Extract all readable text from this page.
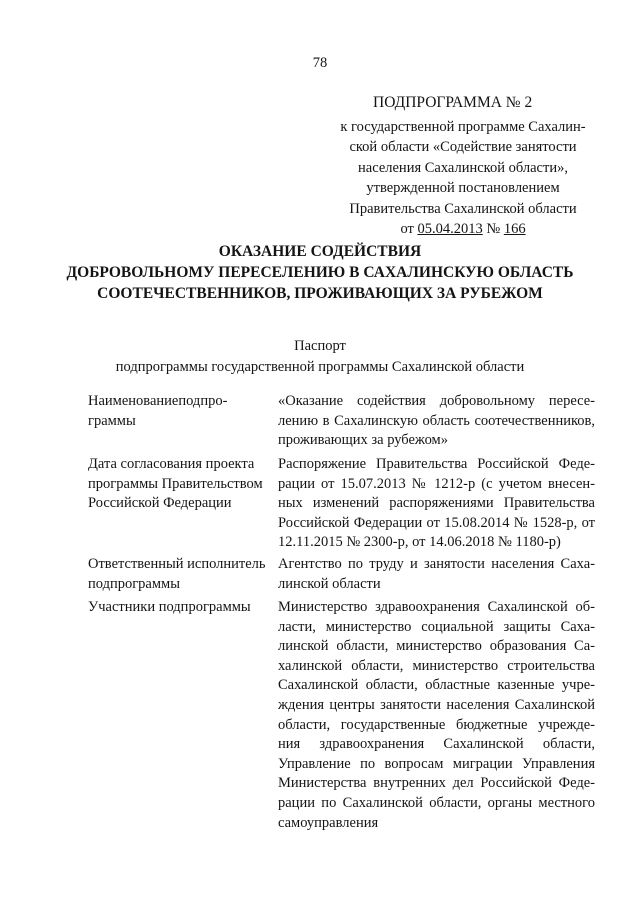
78
ПОДПРОГРАММА № 2
к государственной программе Сахалин-
ской области «Содействие занятости
населения Сахалинской области»,
утвержденной постановлением
Правительства Сахалинской области
от 05.04.2013 № 166
ОКАЗАНИЕ СОДЕЙСТВИЯ
ДОБРОВОЛЬНОМУ ПЕРЕСЕЛЕНИЮ В САХАЛИНСКУЮ ОБЛАСТЬ
СООТЕЧЕСТВЕННИКОВ, ПРОЖИВАЮЩИХ ЗА РУБЕЖОМ
Паспорт
подпрограммы государственной программы Сахалинской области
Наименованиеподпро-
граммы
«Оказание содействия добровольному пересе-
лению в Сахалинскую область соотечественников,
проживающих за рубежом»
Дата согласования проекта
программы Правительством
Российской Федерации
Распоряжение Правительства Российской Феде-
рации от 15.07.2013 № 1212-р (с учетом внесен-
ных изменений распоряжениями Правительства
Российской Федерации от 15.08.2014 № 1528-р, от
12.11.2015 № 2300-р, от 14.06.2018 № 1180-р)
Ответственный исполнитель
подпрограммы
Агентство по труду и занятости населения Саха-
линской области
Участники подпрограммы	Министерство здравоохранения Сахалинской об-
ласти, министерство социальной защиты Саха-
линской области, министерство образования Са-
халинской области, министерство строительства
Сахалинской области, областные казенные учре-
ждения центры занятости населения Сахалинской
области, государственные бюджетные учрежде-
ния здравоохранения Сахалинской области,
Управление по вопросам миграции Управления
Министерства внутренних дел Российской Феде-
рации по Сахалинской области, органы местного
самоуправления
